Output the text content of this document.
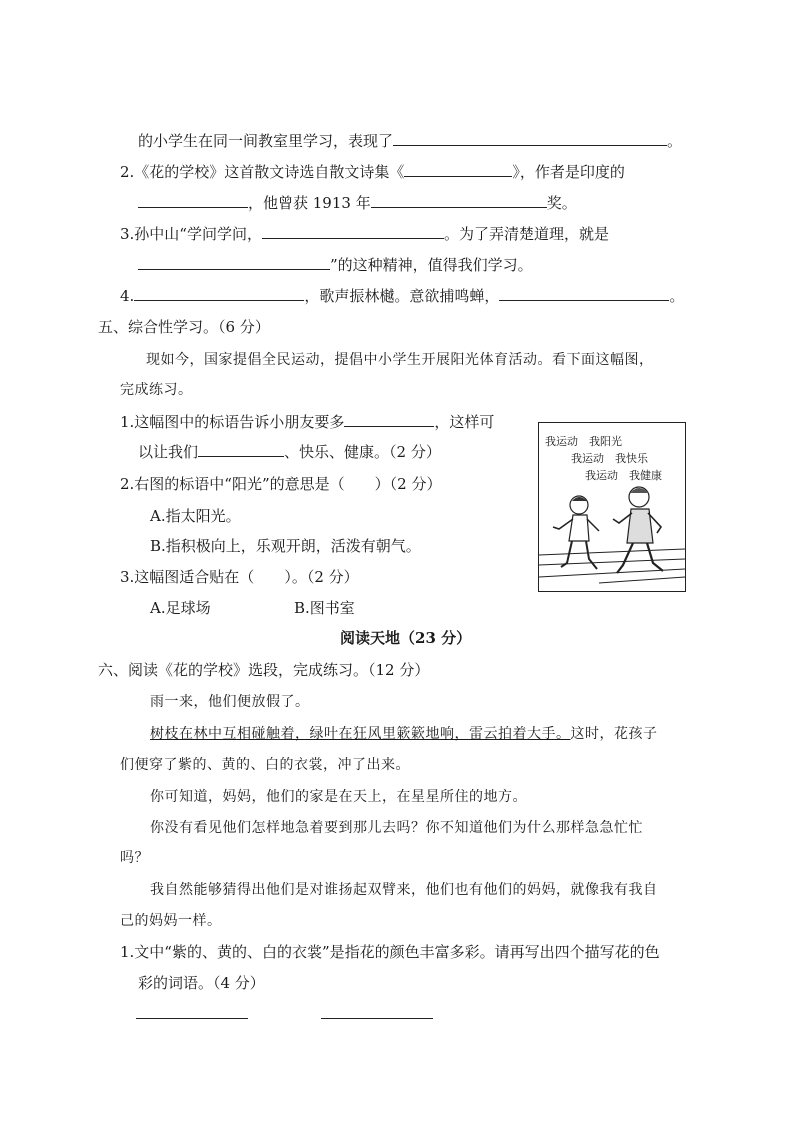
的小学生在同一间教室里学习，表现了	。
2.《花的学校》这首散文诗选自散文诗集《	》，作者是印度的
，他曾获 1913 年	奖。
3.孙中山“学问学问，	。为了弄清楚道理，就是
”的这种精神，值得我们学习。
4.	，歌声振林樾。意欲捕鸣蝉，	。
五、综合性学习。（6 分）
现如今，国家提倡全民运动，提倡中小学生开展阳光体育活动。看下面这幅图，
完成练习。
1.这幅图中的标语告诉小朋友要多	，这样可
以让我们	、快乐、健康。（2 分）
2.右图的标语中“阳光”的意思是（　　）（2 分）
A.指太阳光。
B.指积极向上，乐观开朗，活泼有朝气。
3.这幅图适合贴在（　　）。（2 分）
A.足球场	B.图书室
我运动　我阳光
我运动　我快乐
我运动　我健康
阅读天地（23 分）
六、阅读《花的学校》选段，完成练习。（12 分）
雨一来，他们便放假了。
树枝在林中互相碰触着，绿叶在狂风里簌簌地响，雷云拍着大手。这时，花孩子
们便穿了紫的、黄的、白的衣裳，冲了出来。
你可知道，妈妈，他们的家是在天上，在星星所住的地方。
你没有看见他们怎样地急着要到那儿去吗？你不知道他们为什么那样急急忙忙
吗？
我自然能够猜得出他们是对谁扬起双臂来，他们也有他们的妈妈，就像我有我自
己的妈妈一样。
1.文中“紫的、黄的、白的衣裳”是指花的颜色丰富多彩。请再写出四个描写花的色
彩的词语。（4 分）
